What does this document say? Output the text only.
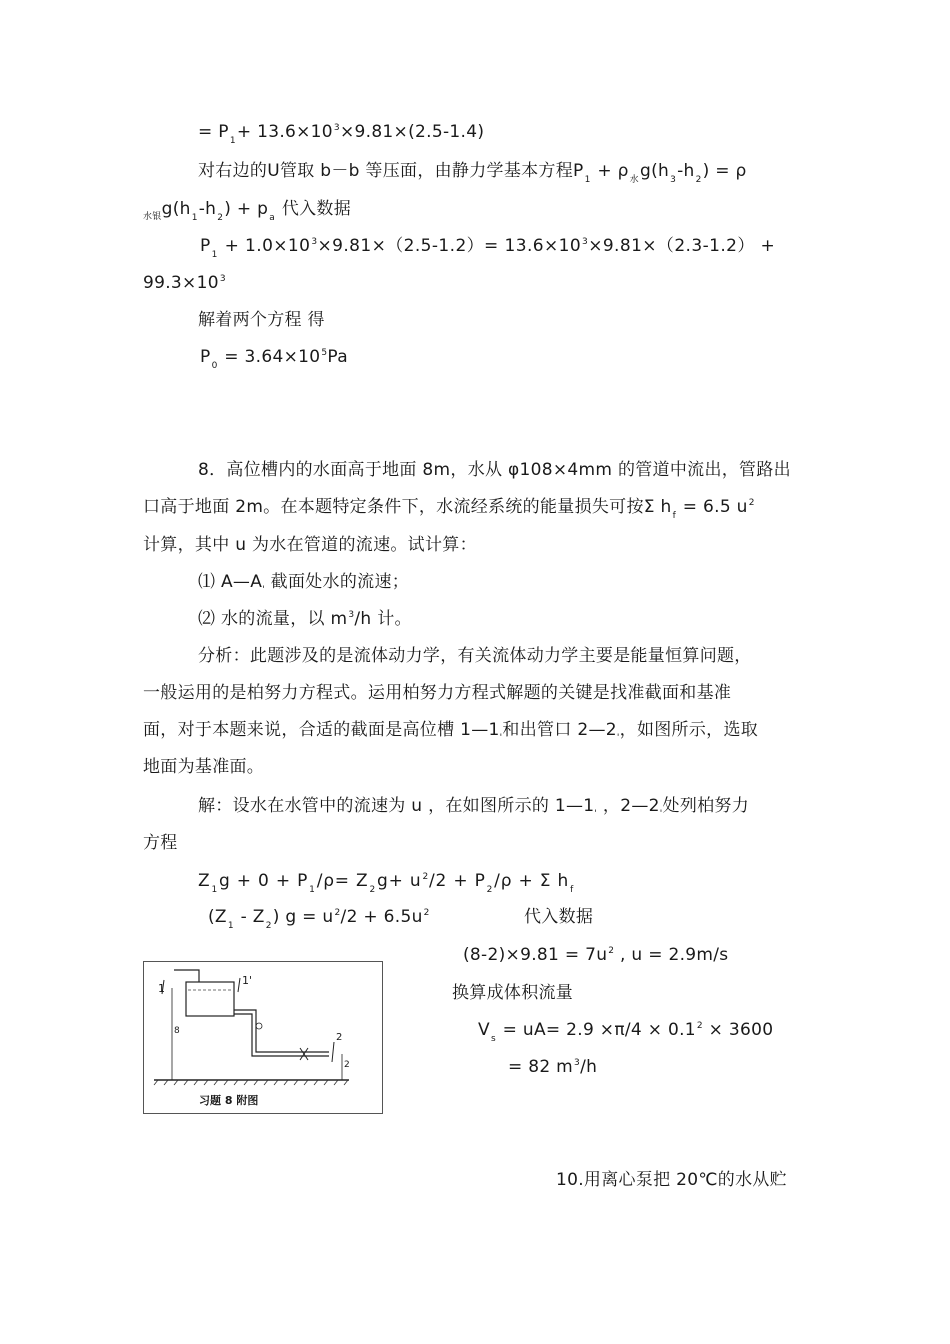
= $P_1+ 13.6\times 10^3\times 9.81\times(2.5-1.4)$
对右边的U管取 b－b 等压面，由静力学基本方程$P_1 + \rho_水g(h_3-h_2) = \rho$
$_{水银}g(h_1-h_2) + p_a$ 代入数据
$P_1 + 1.0\times 10^3\times 9.81\times(2.5-1.2)= 13.6\times 10^3\times 9.81\times(2.3-1.2)$ +
$99.3\times 10^3$
解着两个方程 得
$P_0 = 3.64\times 10^5Pa$
8．高位槽内的水面高于地面 8m，水从 φ108×4mm 的管道中流出，管路出
口高于地面 2m。在本题特定条件下，水流经系统的能量损失可按Σ $h_f = 6.5$ $u^2$
计算，其中 u 为水在管道的流速。试计算：
⑴ $A—A'$ 截面处水的流速；
⑵ 水的流量，以 $m^3/h$ 计。
分析：此题涉及的是流体动力学，有关流体动力学主要是能量恒算问题，
一般运用的是柏努力方程式。运用柏努力方程式解题的关键是找准截面和基准
面，对于本题来说，合适的截面是高位槽 $1—1'$和出管口 $2—2'$，如图所示，选取
地面为基准面。
解：设水在水管中的流速为 u ，在如图所示的 $1—1'$ ，$2—2'$处列柏努力
方程
$Z_1g + 0 + P_1/\rho= Z_2g+ u^2/2 + P_2/\rho + \Sigma$ $h_f$
$(Z_1 - Z_2) g = u^2/2 + 6.5u^2$	代入数据
$(8-2)\times 9.81 = 7u^2$ , u = 2.9m/s
换算成体积流量
$V_s = uA= 2.9 \times\pi/4 \times 0.1^2 \times 3600$
= 82 $m^3/h$
1
1'
2
8
2
习题 8 附图
10.用离心泵把 20℃的水从贮
